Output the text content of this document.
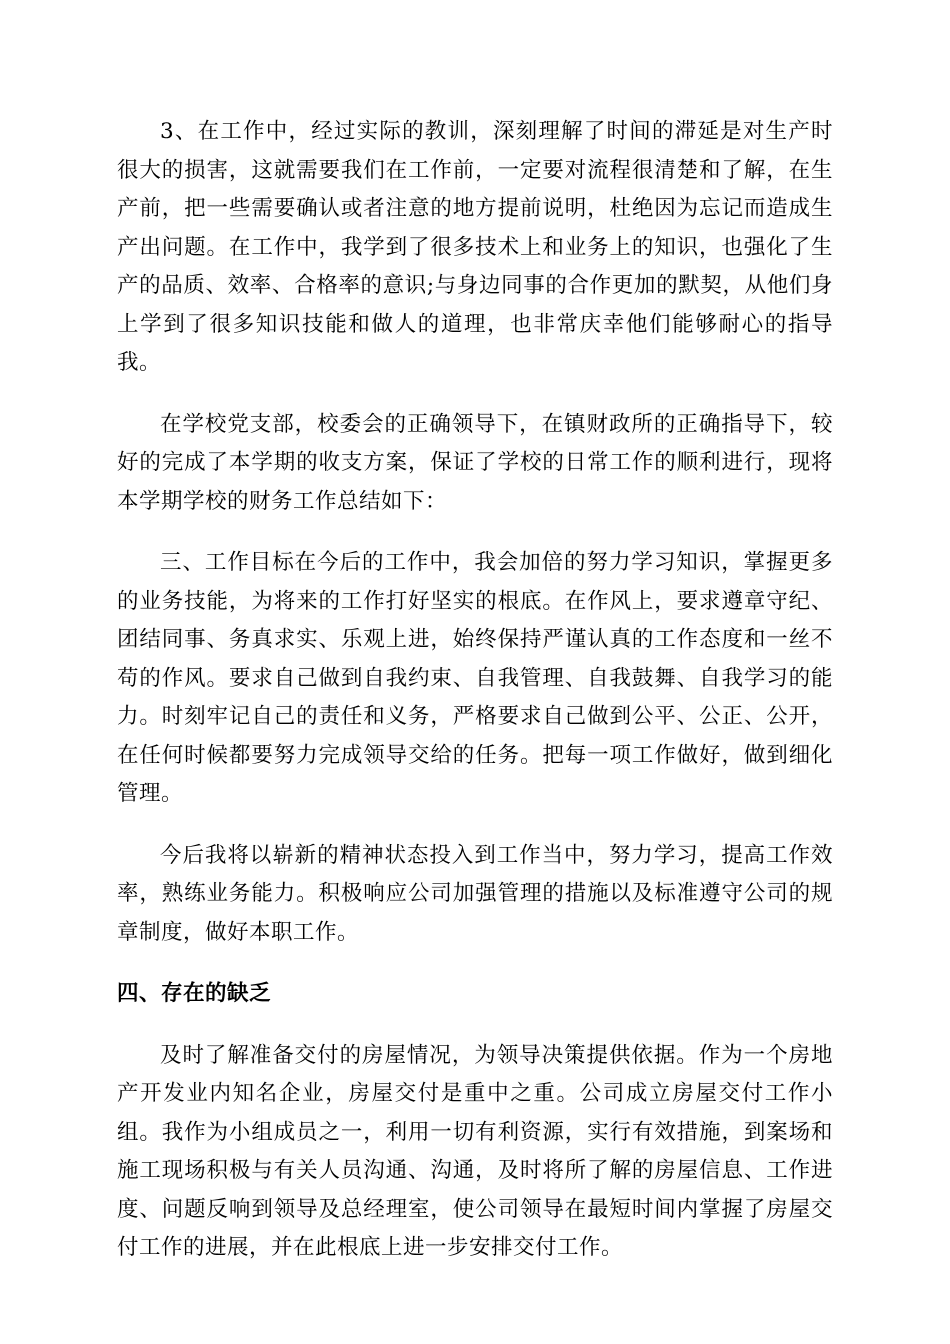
3、在工作中，经过实际的教训，深刻理解了时间的滞延是对生产时很大的损害，这就需要我们在工作前，一定要对流程很清楚和了解，在生产前，把一些需要确认或者注意的地方提前说明，杜绝因为忘记而造成生产出问题。在工作中，我学到了很多技术上和业务上的知识，也强化了生产的品质、效率、合格率的意识;与身边同事的合作更加的默契，从他们身上学到了很多知识技能和做人的道理，也非常庆幸他们能够耐心的指导我。

在学校党支部，校委会的正确领导下，在镇财政所的正确指导下，较好的完成了本学期的收支方案，保证了学校的日常工作的顺利进行，现将本学期学校的财务工作总结如下：

三、工作目标在今后的工作中，我会加倍的努力学习知识，掌握更多的业务技能，为将来的工作打好坚实的根底。在作风上，要求遵章守纪、团结同事、务真求实、乐观上进，始终保持严谨认真的工作态度和一丝不苟的作风。要求自己做到自我约束、自我管理、自我鼓舞、自我学习的能力。时刻牢记自己的责任和义务，严格要求自己做到公平、公正、公开，在任何时候都要努力完成领导交给的任务。把每一项工作做好，做到细化管理。

今后我将以崭新的精神状态投入到工作当中，努力学习，提高工作效率，熟练业务能力。积极响应公司加强管理的措施以及标准遵守公司的规章制度，做好本职工作。

四、存在的缺乏

及时了解准备交付的房屋情况，为领导决策提供依据。作为一个房地产开发业内知名企业，房屋交付是重中之重。公司成立房屋交付工作小组。我作为小组成员之一，利用一切有利资源，实行有效措施，到案场和施工现场积极与有关人员沟通、沟通，及时将所了解的房屋信息、工作进度、问题反响到领导及总经理室，使公司领导在最短时间内掌握了房屋交付工作的进展，并在此根底上进一步安排交付工作。
